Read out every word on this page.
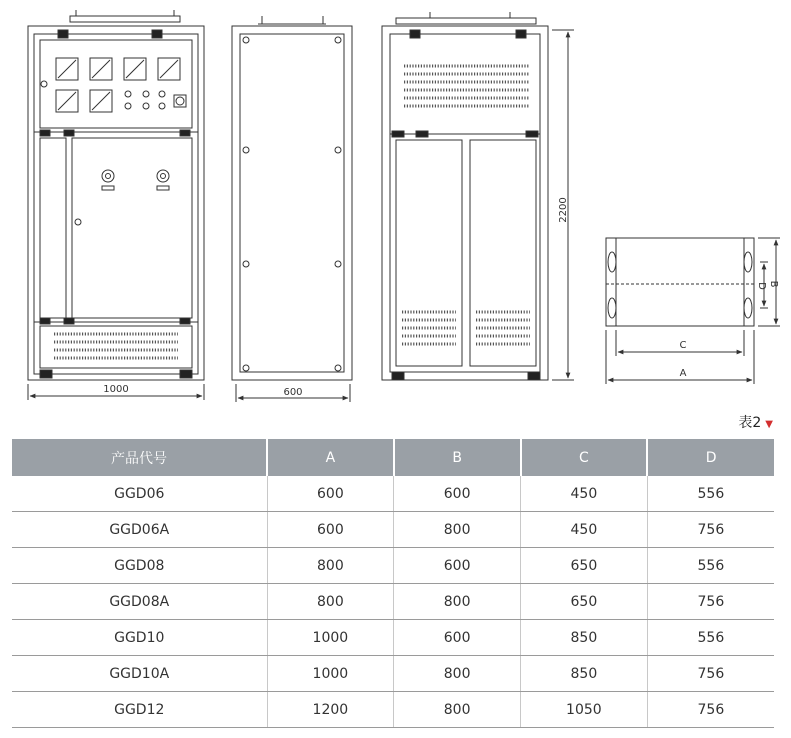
1000	600
2200
B
D
C
A
表2 ▼
产品代号	A	B	C	D
GGD06	600	600	450	556
GGD06A	600	800	450	756
GGD08	800	600	650	556
GGD08A	800	800	650	756
GGD10	1000	600	850	556
GGD10A	1000	800	850	756
GGD12	1200	800	1050	756
